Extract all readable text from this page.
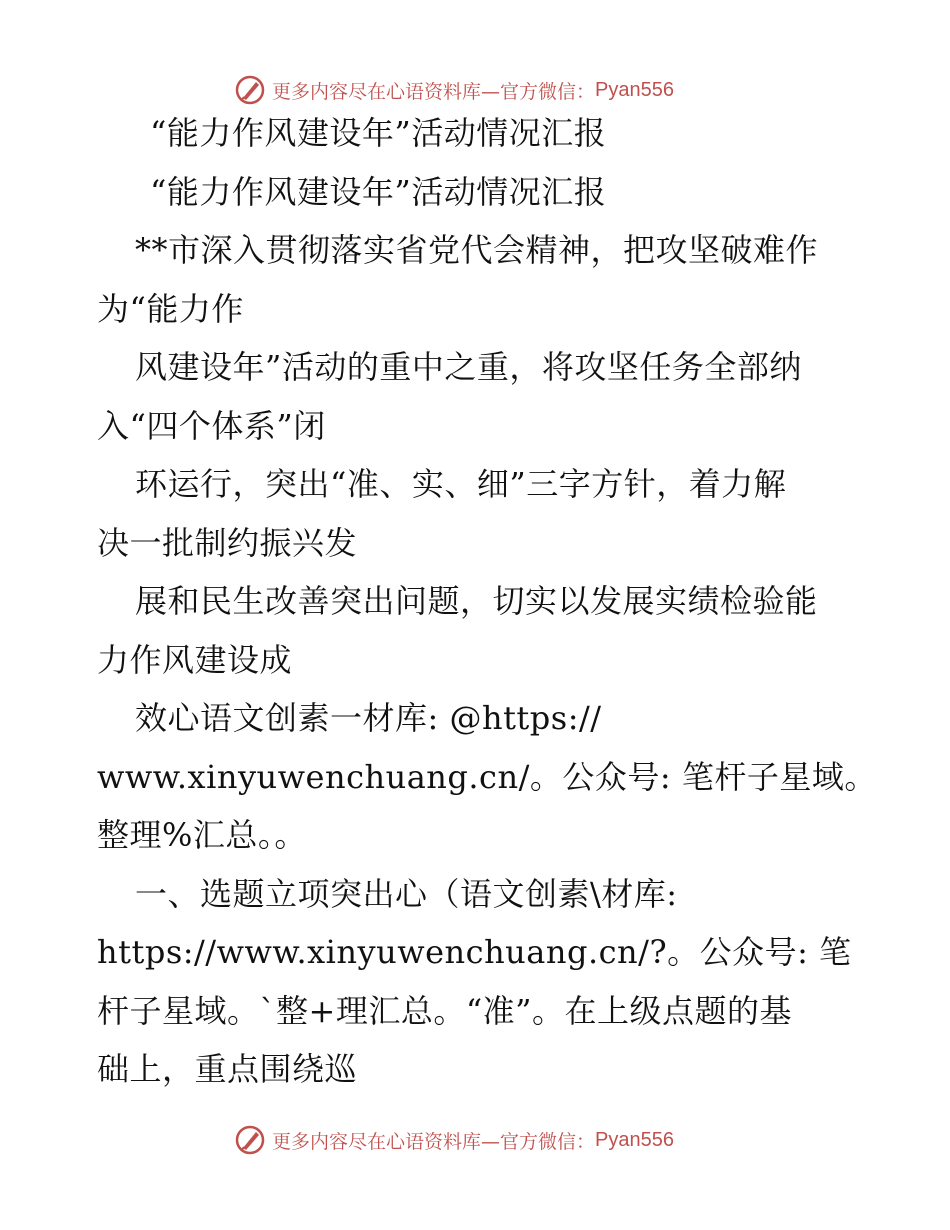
更多内容尽在心语资料库—官方微信： Pyan556
“能力作风建设年”活动情况汇报
“能力作风建设年”活动情况汇报
**市深入贯彻落实省党代会精神，把攻坚破难作
为“能力作
风建设年”活动的重中之重，将攻坚任务全部纳
入“四个体系”闭
环运行，突出“准、实、细”三字方针，着力解
决一批制约振兴发
展和民生改善突出问题，切实以发展实绩检验能
力作风建设成
效心语文创素一材库: @https://
www.xinyuwenchuang.cn/。公众号: 笔杆子星域。
整理%汇总。。
一、选题立项突出心（语文创素\材库:
https://www.xinyuwenchuang.cn/?。公众号: 笔
杆子星域。`整+理汇总。“准”。在上级点题的基
础上，重点围绕巡
更多内容尽在心语资料库—官方微信： Pyan556
